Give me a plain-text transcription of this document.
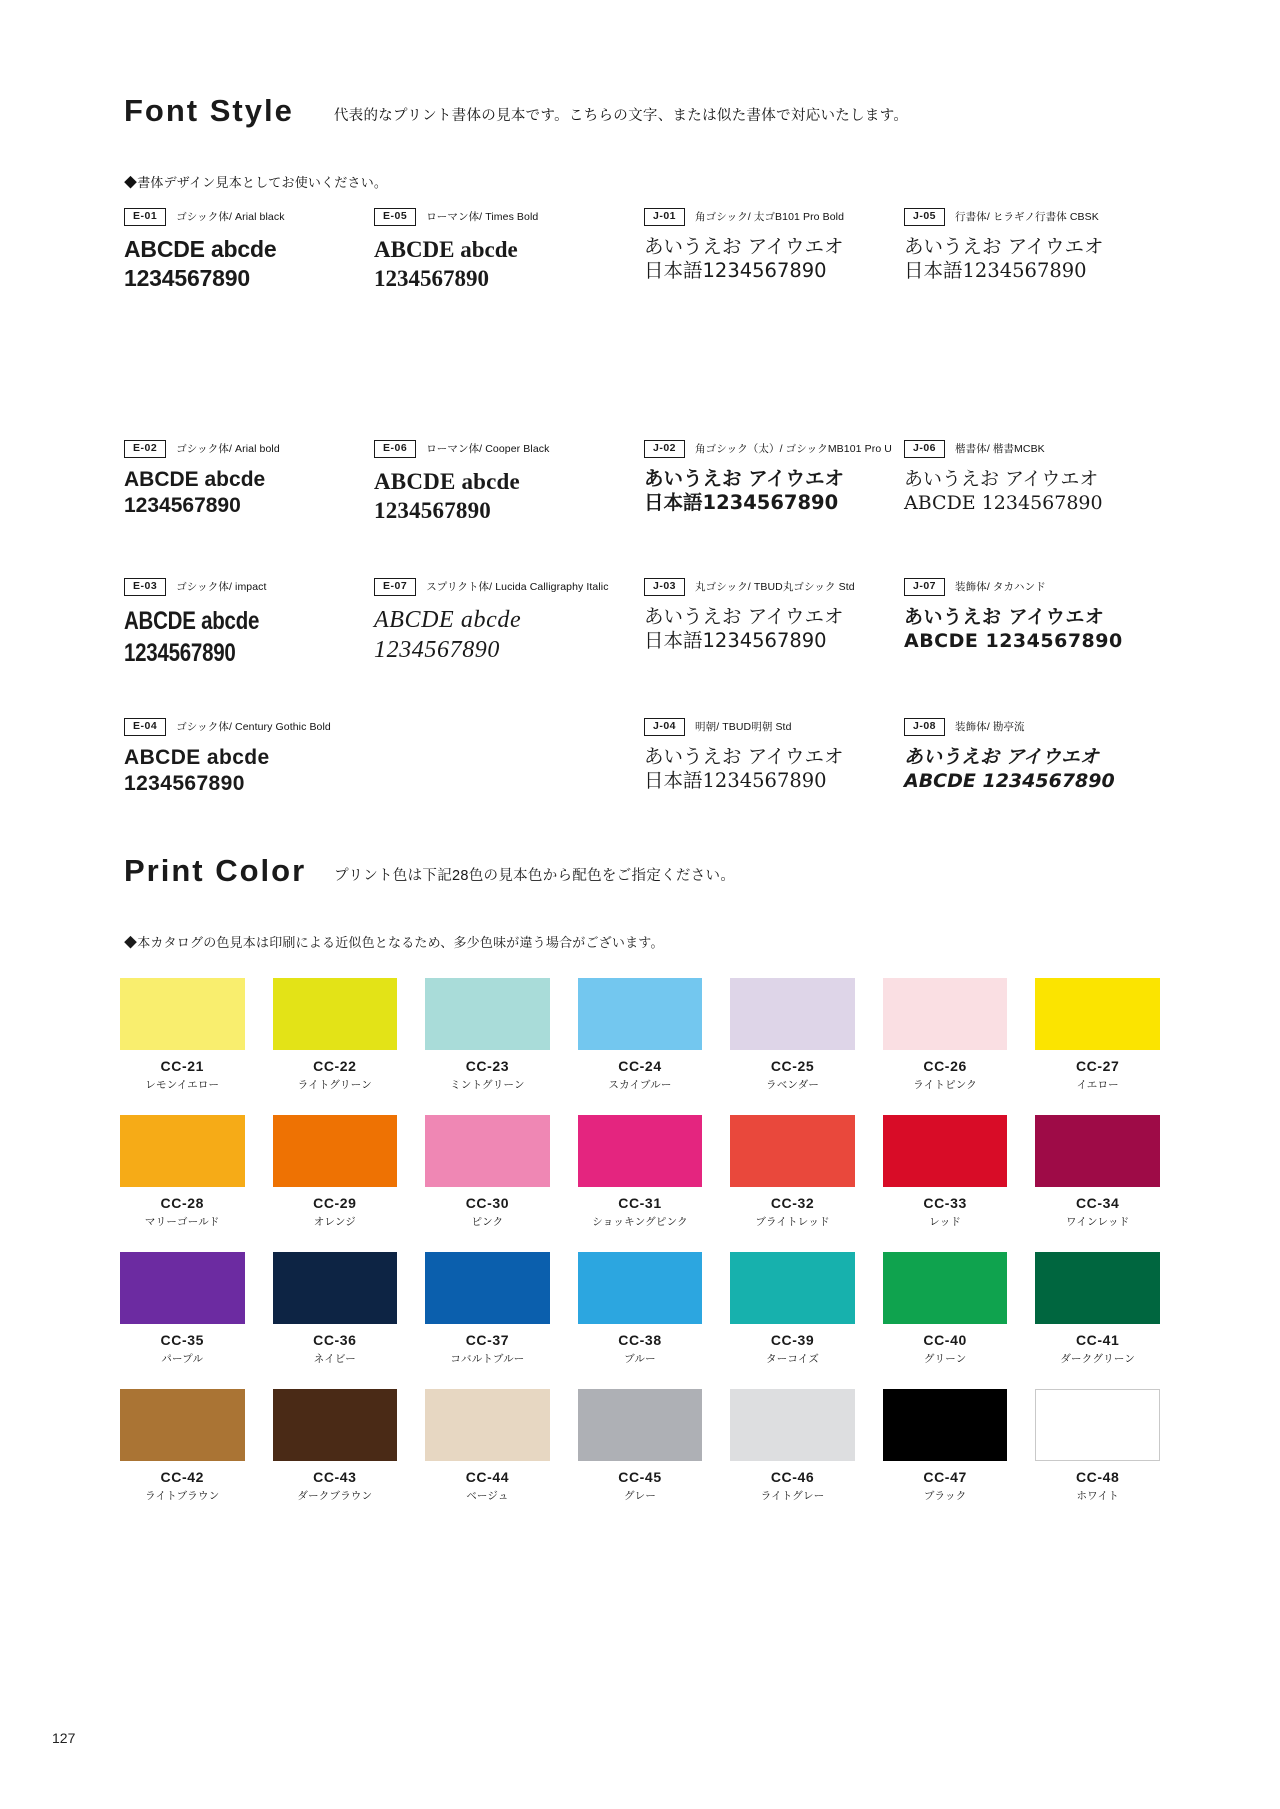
Font Style	代表的なプリント書体の見本です。こちらの文字、または似た書体で対応いたします。
◆書体デザイン見本としてお使いください。
E-01	ゴシック体/ Arial black
ABCDE abcde
1234567890
E-02	ゴシック体/ Arial bold
ABCDE abcde
1234567890
E-03	ゴシック体/ impact
ABCDE abcde
1234567890
E-04	ゴシック体/ Century Gothic Bold
ABCDE abcde
1234567890
E-05	ローマン体/ Times Bold
ABCDE abcde
1234567890
E-06	ローマン体/ Cooper Black
ABCDE abcde
1234567890
E-07	スプリクト体/ Lucida Calligraphy Italic
ABCDE abcde
1234567890
J-01	角ゴシック/ 太ゴB101 Pro Bold
あいうえお アイウエオ
日本語1234567890
J-02	角ゴシック（太）/ ゴシックMB101 Pro U
あいうえお アイウエオ
日本語1234567890
J-03	丸ゴシック/ TBUD丸ゴシック Std
あいうえお アイウエオ
日本語1234567890
J-04	明朝/ TBUD明朝 Std
あいうえお アイウエオ
日本語1234567890
J-05	行書体/ ヒラギノ行書体 CBSK
あいうえお アイウエオ
日本語1234567890
J-06	楷書体/ 楷書MCBK
あいうえお アイウエオ
ABCDE 1234567890
J-07	装飾体/ タカハンド
あいうえお アイウエオ
ABCDE 1234567890
J-08	装飾体/ 勘亭流
あいうえお アイウエオ
ABCDE 1234567890
Print Color プリント色は下記28色の見本色から配色をご指定ください。
◆本カタログの色見本は印刷による近似色となるため、多少色味が違う場合がございます。
CC-21
レモンイエロー
CC-22
ライトグリーン
CC-23
ミントグリーン
CC-24
スカイブルー
CC-25
ラベンダー
CC-26
ライトピンク
CC-27
イエロー
CC-28
マリーゴールド
CC-29
オレンジ
CC-30
ピンク
CC-31
ショッキングピンク
CC-32
ブライトレッド
CC-33
レッド
CC-34
ワインレッド
CC-35
パープル
CC-36
ネイビー
CC-37
コバルトブルー
CC-38
ブルー
CC-39
ターコイズ
CC-40
グリーン
CC-41
ダークグリーン
CC-42
ライトブラウン
CC-43
ダークブラウン
CC-44
ベージュ
CC-45
グレー
CC-46
ライトグレー
CC-47
ブラック
CC-48
ホワイト
127
